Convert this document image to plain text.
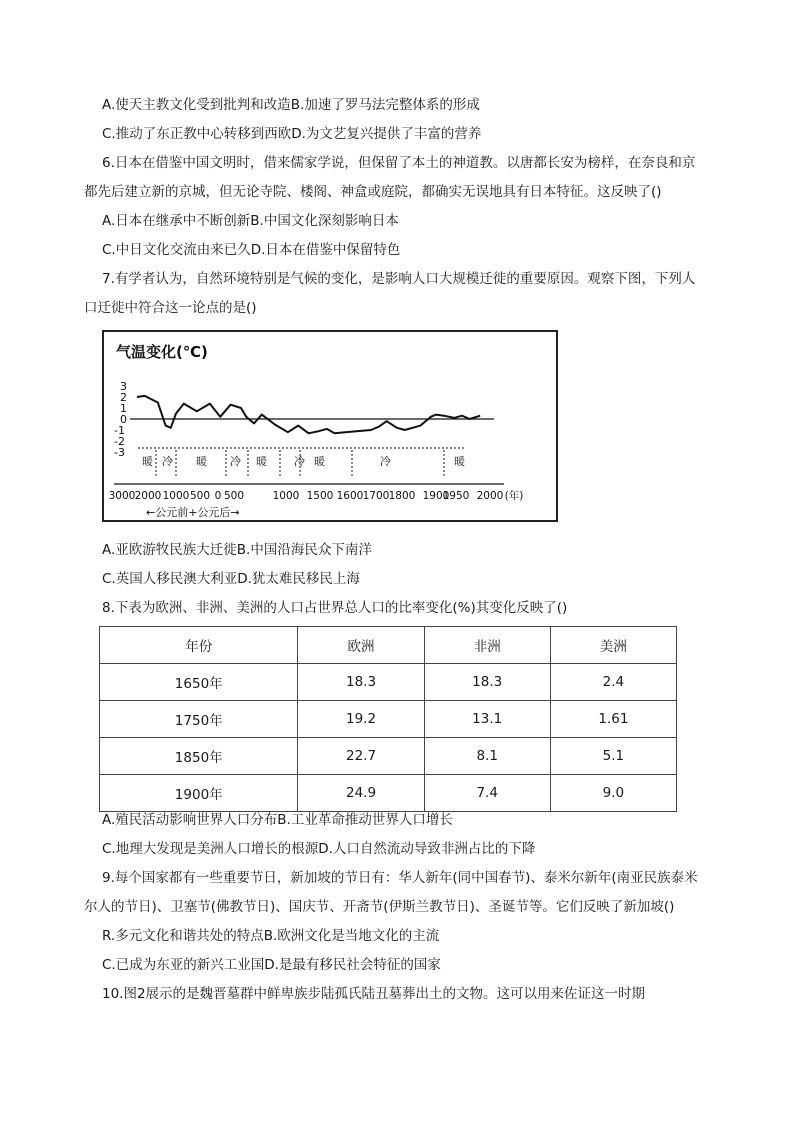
A.使天主教文化受到批判和改造B.加速了罗马法完整体系的形成
C.推动了东正教中心转移到西欧D.为文艺复兴提供了丰富的营养
6.日本在借鉴中国文明时，借来儒家学说，但保留了本土的神道教。以唐都长安为榜样，在奈良和京
都先后建立新的京城，但无论寺院、楼阁、神盒或庭院，都确实无误地具有日本特征。这反映了()
A.日本在继承中不断创新B.中国文化深刻影响日本
C.中日文化交流由来已久D.日本在借鉴中保留特色
7.有学者认为，自然环境特别是气候的变化，是影响人口大规模迁徙的重要原因。观察下图，下列人
口迁徙中符合这一论点的是()
气温变化(℃)
3
2
1
0
-1
-2
-3
暖 冷 暖 冷 暖 冷 暖	冷	暖
3000 2000 1000 500 0 500	1000 1500 1600 1700 1800 1900
1950 2000 (年)
←公元前+公元后→
A.亚欧游牧民族大迁徙B.中国沿海民众下南洋
C.英国人移民澳大利亚D.犹太难民移民上海
8.下表为欧洲、非洲、美洲的人口占世界总人口的比率变化(%)其变化反映了()
年份	欧洲	非洲	美洲
1650年	18.3	18.3	2.4
1750年	19.2	13.1	1.61
1850年	22.7	8.1	5.1
1900年	24.9	7.4	9.0
A.殖民活动影响世界人口分布B.工业革命推动世界人口增长
C.地理大发现是美洲人口增长的根源D.人口自然流动导致非洲占比的下降
9.每个国家都有一些重要节日，新加坡的节日有：华人新年(同中国春节)、泰米尔新年(南亚民族泰米
尔人的节日)、卫塞节(佛教节日)、国庆节、开斋节(伊斯兰教节日)、圣诞节等。它们反映了新加坡()
R.多元文化和谐共处的特点B.欧洲文化是当地文化的主流
C.已成为东亚的新兴工业国D.是最有移民社会特征的国家
10.图2展示的是魏晋墓群中鲜卑族步陆孤氏陆丑墓葬出土的文物。这可以用来佐证这一时期
